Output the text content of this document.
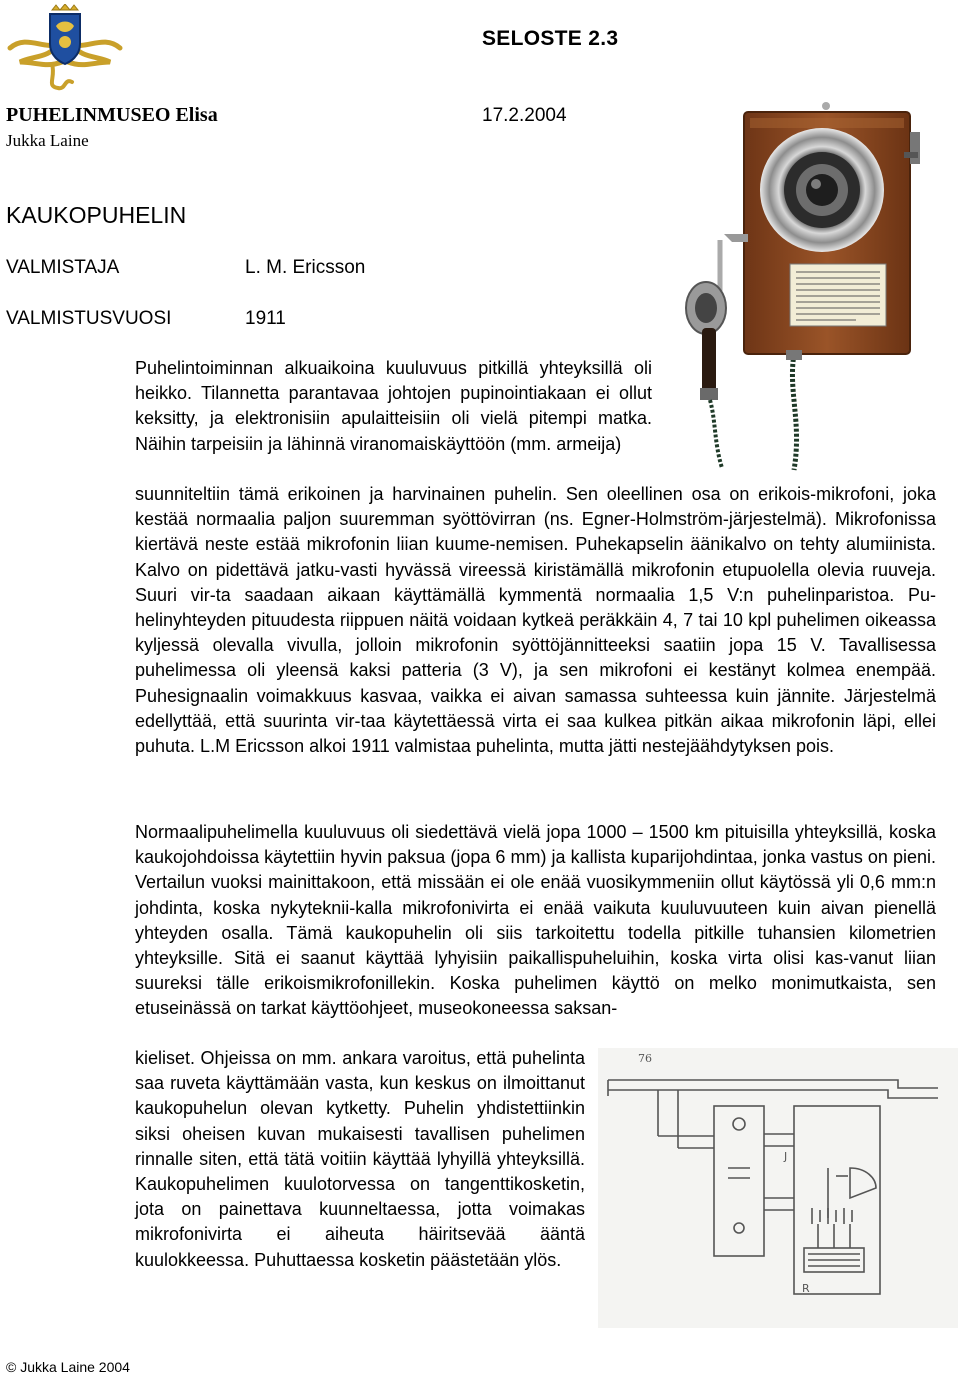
SELOSTE 2.3
PUHELINMUSEO Elisa	17.2.2004
Jukka Laine
KAUKOPUHELIN
VALMISTAJA	L. M. Ericsson
VALMISTUSVUOSI	1911

Puhelintoiminnan alkuaikoina kuuluvuus pitkillä yhteyksillä oli heikko. Tilannetta parantavaa johtojen pupinointiakaan ei ollut keksitty, ja elektronisiin apulaitteisiin oli vielä pitempi matka. Näihin tarpeisiin ja lähinnä viranomaiskäyttöön (mm. armeija)

suunniteltiin tämä erikoinen ja harvinainen puhelin. Sen oleellinen osa on erikois-mikrofoni, joka kestää normaalia paljon suuremman syöttövirran (ns. Egner-Holmström-järjestelmä). Mikrofonissa kiertävä neste estää mikrofonin liian kuume-nemisen. Puhekapselin äänikalvo on tehty alumiinista. Kalvo on pidettävä jatku-vasti hyvässä vireessä kiristämällä mikrofonin etupuolella olevia ruuveja. Suuri vir-ta saadaan aikaan käyttämällä kymmentä normaalia 1,5 V:n puhelinparistoa. Pu-helinyhteyden pituudesta riippuen näitä voidaan kytkeä peräkkäin 4, 7 tai 10 kpl puhelimen oikeassa kyljessä olevalla vivulla, jolloin mikrofonin syöttöjännitteeksi saatiin jopa 15 V. Tavallisessa puhelimessa oli yleensä kaksi patteria (3 V), ja sen mikrofoni ei kestänyt kolmea enempää. Puhesignaalin voimakkuus kasvaa, vaikka ei aivan samassa suhteessa kuin jännite. Järjestelmä edellyttää, että suurinta vir-taa käytettäessä virta ei saa kulkea pitkän aikaa mikrofonin läpi, ellei puhuta. L.M Ericsson alkoi 1911 valmistaa puhelinta, mutta jätti nestejäähdytyksen pois.

Normaalipuhelimella kuuluvuus oli siedettävä vielä jopa 1000 – 1500 km pituisilla yhteyksillä, koska kaukojohdoissa käytettiin hyvin paksua (jopa 6 mm) ja kallista kuparijohdintaa, jonka vastus on pieni. Vertailun vuoksi mainittakoon, että missään ei ole enää vuosikymmeniin ollut käytössä yli 0,6 mm:n johdinta, koska nykyteknii-kalla mikrofonivirta ei enää vaikuta kuuluvuuteen kuin aivan pienellä yhteyden osalla. Tämä kaukopuhelin oli siis tarkoitettu todella pitkille tuhansien kilometrien yhteyksille. Sitä ei saanut käyttää lyhyisiin paikallispuheluihin, koska virta olisi kas-vanut liian suureksi tälle erikoismikrofonillekin. Koska puhelimen käyttö on melko monimutkaista, sen etuseinässä on tarkat käyttöohjeet, museokoneessa saksan-

kieliset. Ohjeissa on mm. ankara varoitus, että puhelinta saa ruveta käyttämään vasta, kun keskus on ilmoittanut kaukopuhelun olevan kytketty. Puhelin yhdistettiinkin siksi oheisen kuvan mukaisesti tavallisen puhelimen rinnalle siten, että tätä voitiin käyttää lyhyillä yhteyksillä. Kaukopuhelimen kuulotorvessa on tangenttikosketin, jota on painettava kuunneltaessa, jotta voimakas mikrofonivirta ei aiheuta häiritsevää ääntä kuulokkeessa. Puhuttaessa kosketin päästetään ylös.

76
J
R
© Jukka Laine 2004
